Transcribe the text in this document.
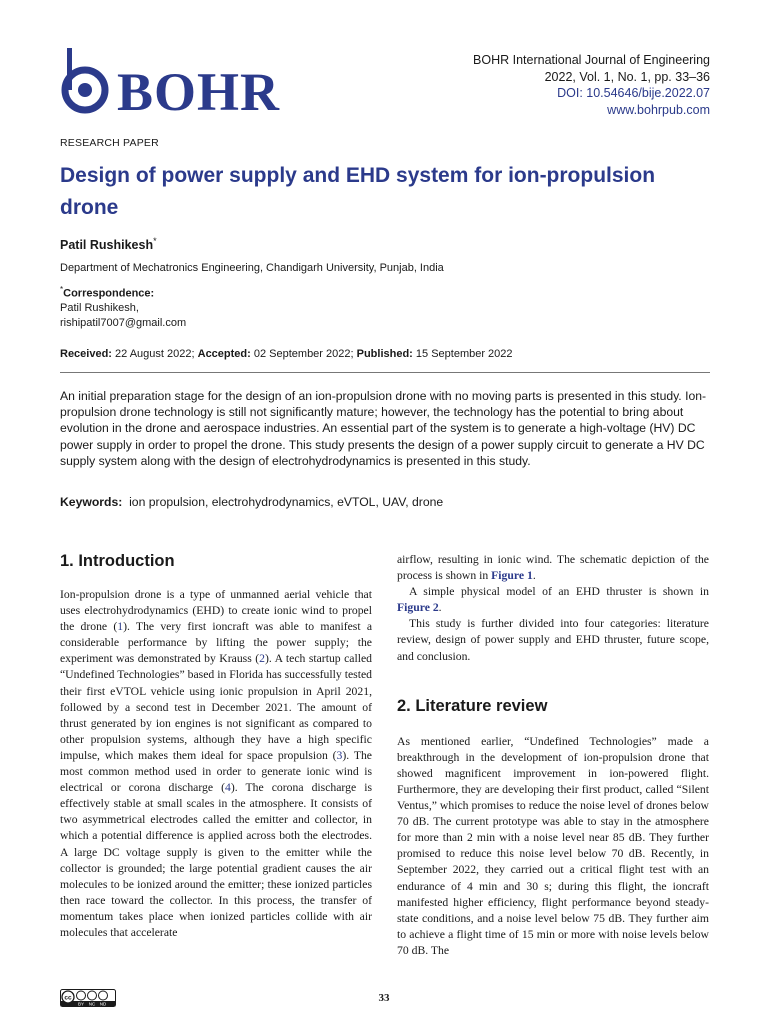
BOHR
BOHR International Journal of Engineering
2022, Vol. 1, No. 1, pp. 33–36
DOI: 10.54646/bije.2022.07
www.bohrpub.com
RESEARCH PAPER
Design of power supply and EHD system for ion-propulsion drone
Patil Rushikesh*
Department of Mechatronics Engineering, Chandigarh University, Punjab, India
*Correspondence:
Patil Rushikesh,
rishipatil7007@gmail.com
Received: 22 August 2022; Accepted: 02 September 2022; Published: 15 September 2022

An initial preparation stage for the design of an ion-propulsion drone with no moving parts is presented in this study. Ion-propulsion drone technology is still not significantly mature; however, the technology has the potential to bring about evolution in the drone and aerospace industries. An essential part of the system is to generate a high-voltage (HV) DC power supply in order to propel the drone. This study presents the design of a power supply circuit to generate a HV DC supply system along with the design of electrohydrodynamics is presented in this study.

Keywords: ion propulsion, electrohydrodynamics, eVTOL, UAV, drone
1. Introduction

Ion-propulsion drone is a type of unmanned aerial vehicle that uses electrohydrodynamics (EHD) to create ionic wind to propel the drone (1). The very first ioncraft was able to manifest a considerable performance by lifting the power supply; the experiment was demonstrated by Krauss (2). A tech startup called “Undefined Technologies” based in Florida has successfully tested their first eVTOL vehicle using ionic propulsion in April 2021, followed by a second test in December 2021. The amount of thrust generated by ion engines is not significant as compared to other propulsion systems, although they have a high specific impulse, which makes them ideal for space propulsion (3). The most common method used in order to generate ionic wind is electrical or corona discharge (4). The corona discharge is effectively stable at small scales in the atmosphere. It consists of two asymmetrical electrodes called the emitter and collector, in which a potential difference is applied across both the electrodes. A large DC voltage supply is given to the emitter while the collector is grounded; the large potential gradient causes the air molecules to be ionized around the emitter; these ionized particles then race toward the collector. In this process, the transfer of momentum takes place when ionized particles collide with air molecules that accelerate

airflow, resulting in ionic wind. The schematic depiction of the process is shown in Figure 1.

A simple physical model of an EHD thruster is shown in Figure 2.

This study is further divided into four categories: literature review, design of power supply and EHD thruster, future scope, and conclusion.

2. Literature review

As mentioned earlier, “Undefined Technologies” made a breakthrough in the development of ion-propulsion drone that showed magnificent improvement in ion-powered flight. Furthermore, they are developing their first product, called “Silent Ventus,” which promises to reduce the noise level of drones below 70 dB. The current prototype was able to stay in the atmosphere for more than 2 min with a noise level near 85 dB. They further promised to reduce this noise level below 70 dB. Recently, in September 2022, they carried out a critical flight test with an endurance of 4 min and 30 s; during this flight, the ioncraft manifested higher efficiency, flight performance beyond steady-state conditions, and a noise level below 75 dB. They further aim to achieve a flight time of 15 min or more with noise levels below 70 dB. The

cc
BY NC ND	33
